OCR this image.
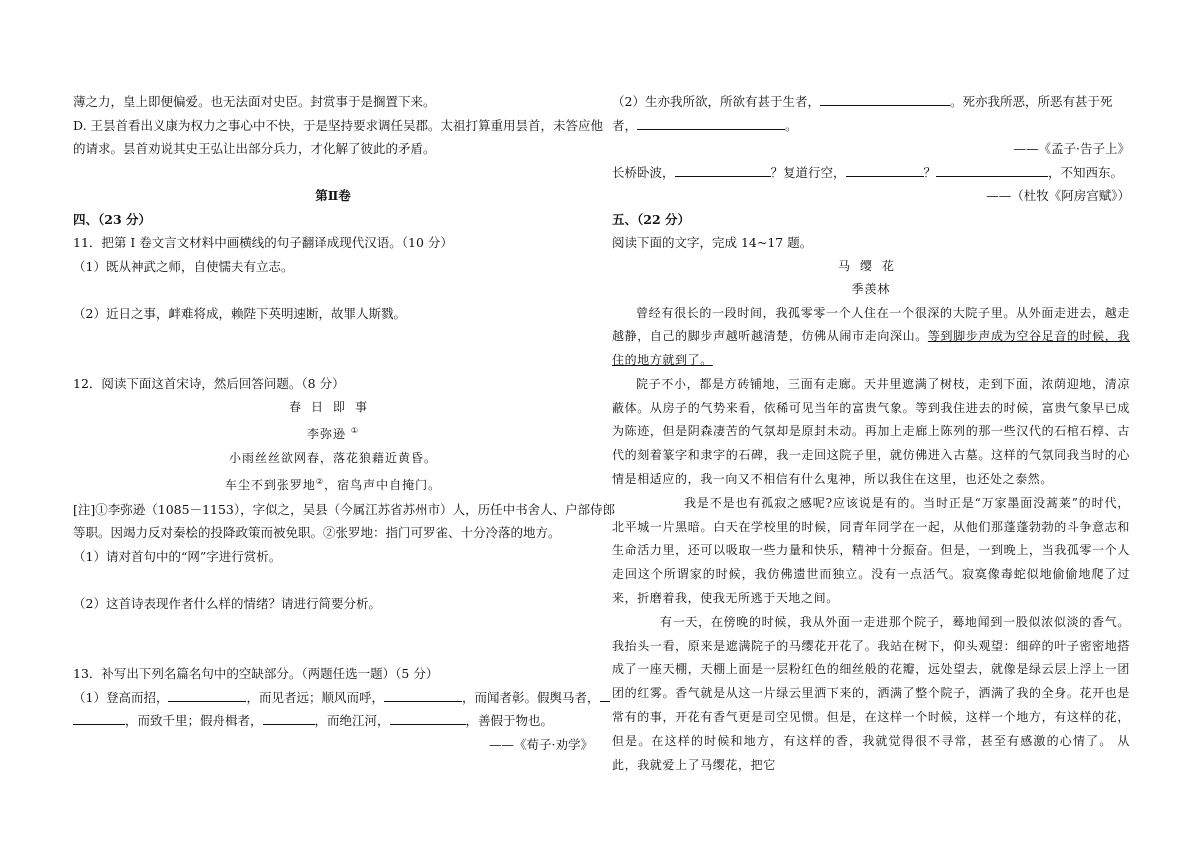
薄之力，皇上即便偏爱。也无法面对史臣。封赏事于是搁置下来。
D. 王昙首看出义康为权力之事心中不快，于是坚持要求调任吴郡。太祖打算重用昙首，未答应他
的请求。昙首劝说其史王弘让出部分兵力，才化解了彼此的矛盾。
第Ⅱ卷
四、（23 分）
11．把第 I 卷文言文材料中画横线的句子翻译成现代汉语。（10 分）
（1）既从神武之师，自使懦夫有立志。
（2）近日之事，衅难将成，赖陛下英明速断，故罪人斯戮。
12．阅读下面这首宋诗，然后回答问题。（8 分）
春日即事
李弥逊 ①
小雨丝丝欲网春，落花狼藉近黄昏。
车尘不到张罗地②，宿鸟声中自掩门。
[注]①李弥逊（1085－1153），字似之，吴县（今属江苏省苏州市）人，历任中书舍人、户部侍郎
等职。因竭力反对秦桧的投降政策而被免职。②张罗地：指门可罗雀、十分冷落的地方。
（1）请对首句中的“网”字进行赏析。
（2）这首诗表现作者什么样的情绪？请进行简要分析。
13．补写出下列名篇名句中的空缺部分。（两题任选一题）（5 分）
（1）登高而招，	，而见者远；顺风而呼，	，而闻者彰。假舆马者，
，而致千里；假舟楫者，	，而绝江河，	，善假于物也。
——《荀子·劝学》
（2）生亦我所欲，所欲有甚于生者，	。死亦我所恶，所恶有甚于死
者，	。
——《孟子·告子上》
长桥卧波，	？复道行空，	？	，不知西东。
——（杜牧《阿房宫赋》）
五、（22 分）
阅读下面的文字，完成 14~17 题。
马缨花
季羡林
曾经有很长的一段时间，我孤零零一个人住在一个很深的大院子里。从外面走进去，越走越静，自己的脚步声越听越清楚，仿佛从闹市走向深山。等到脚步声成为空谷足音的时候，我住的地方就到了。
院子不小，都是方砖铺地，三面有走廊。天井里遮满了树枝，走到下面，浓荫迎地，清凉蔽体。从房子的气势来看，依稀可见当年的富贵气象。等到我住进去的时候，富贵气象早已成为陈迹，但是阴森凄苦的气氛却是原封未动。再加上走廊上陈列的那一些汉代的石棺石椁、古代的刻着篆字和隶字的石碑，我一走回这院子里，就仿佛进入古墓。这样的气氛同我当时的心情是相适应的，我一向又不相信有什么鬼神，所以我住在这里，也还处之泰然。
我是不是也有孤寂之感呢?应该说是有的。当时正是“万家墨面没蒿莱”的时代，北平城一片黑暗。白天在学校里的时候，同青年同学在一起，从他们那蓬蓬勃勃的斗争意志和生命活力里，还可以吸取一些力量和快乐，精神十分振奋。但是，一到晚上，当我孤零一个人走回这个所谓家的时候，我仿佛遗世而独立。没有一点活气。寂寞像毒蛇似地偷偷地爬了过来，折磨着我，使我无所逃于天地之间。
有一天，在傍晚的时候，我从外面一走进那个院子，蓦地闻到一股似浓似淡的香气。我抬头一看，原来是遮满院子的马缨花开花了。我站在树下，仰头观望：细碎的叶子密密地搭成了一座天棚，天棚上面是一层粉红色的细丝般的花瓣，远处望去，就像是绿云层上浮上一团团的红雾。香气就是从这一片绿云里洒下来的，洒满了整个院子，洒满了我的全身。花开也是常有的事，开花有香气更是司空见惯。但是，在这样一个时候，这样一个地方，有这样的花，但是。在这样的时候和地方，有这样的香，我就觉得很不寻常，甚至有感激的心情了。 从此，我就爱上了马缨花，把它
